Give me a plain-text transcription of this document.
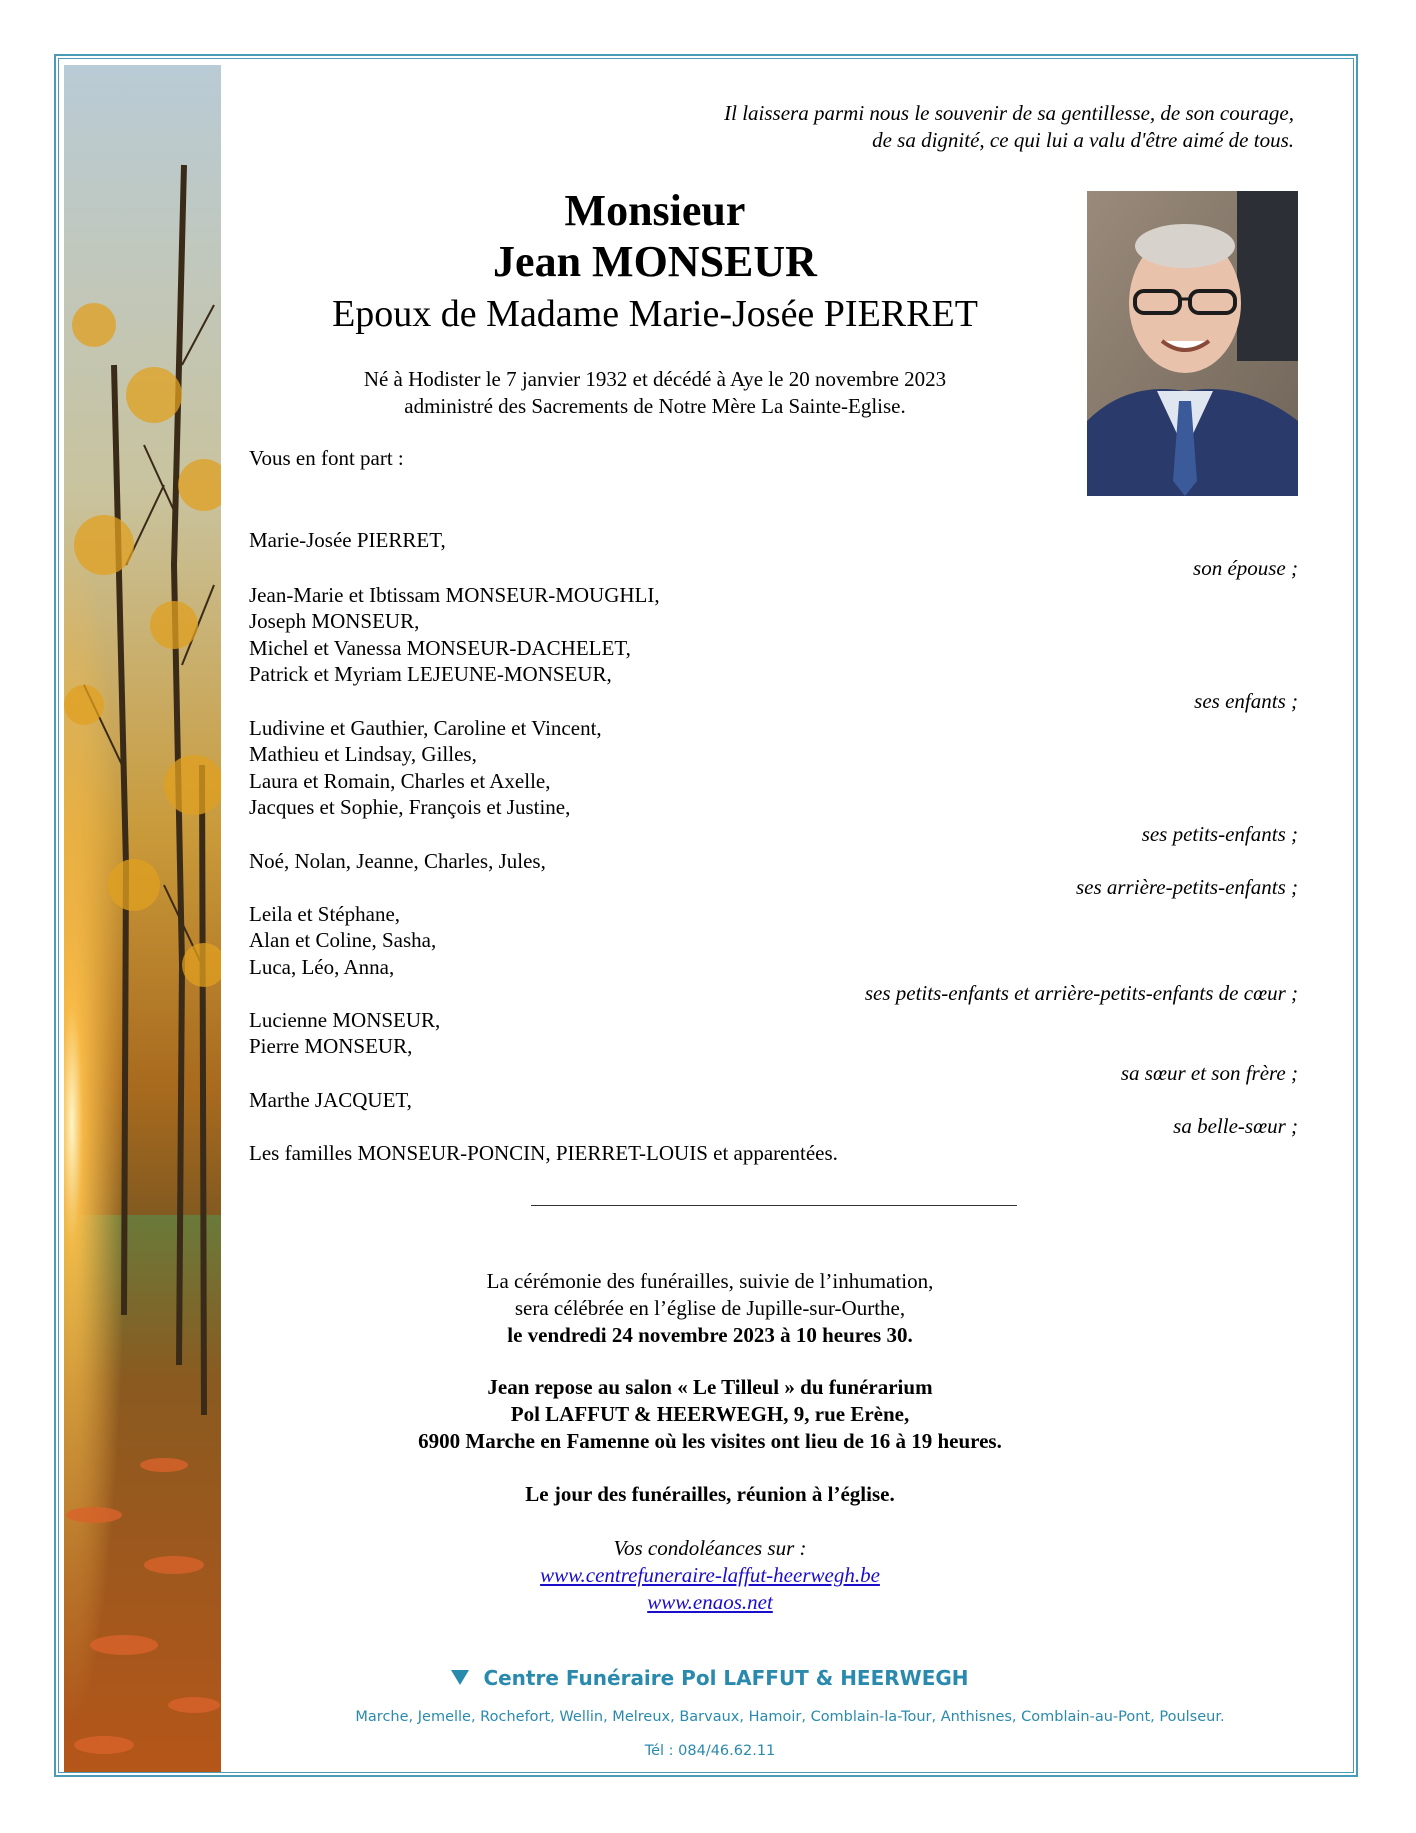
Il laissera parmi nous le souvenir de sa gentillesse, de son courage,
de sa dignité, ce qui lui a valu d'être aimé de tous.
Monsieur
Jean MONSEUR
Epoux de Madame Marie-Josée PIERRET
Né à Hodister le 7 janvier 1932 et décédé à Aye le 20 novembre 2023
administré des Sacrements de Notre Mère La Sainte-Eglise.
Vous en font part :
Marie-Josée PIERRET,
son épouse ;
Jean-Marie et Ibtissam MONSEUR-MOUGHLI,
Joseph MONSEUR,
Michel et Vanessa MONSEUR-DACHELET,
Patrick et Myriam LEJEUNE-MONSEUR,
ses enfants ;
Ludivine et Gauthier, Caroline et Vincent,
Mathieu et Lindsay, Gilles,
Laura et Romain, Charles et Axelle,
Jacques et Sophie, François et Justine,
ses petits-enfants ;
Noé, Nolan, Jeanne, Charles, Jules,
ses arrière-petits-enfants ;
Leila et Stéphane,
Alan et Coline, Sasha,
Luca, Léo, Anna,
ses petits-enfants et arrière-petits-enfants de cœur ;
Lucienne MONSEUR,
Pierre MONSEUR,
sa sœur et son frère ;
Marthe JACQUET,
sa belle-sœur ;
Les familles MONSEUR-PONCIN, PIERRET-LOUIS et apparentées.
La cérémonie des funérailles, suivie de l’inhumation,
sera célébrée en l’église de Jupille-sur-Ourthe,
le vendredi 24 novembre 2023 à 10 heures 30.
Jean repose au salon « Le Tilleul » du funérarium
Pol LAFFUT & HEERWEGH, 9, rue Erène,
6900 Marche en Famenne où les visites ont lieu de 16 à 19 heures.
Le jour des funérailles, réunion à l’église.
Vos condoléances sur :
www.centrefuneraire-laffut-heerwegh.be
www.enaos.net
Centre Funéraire Pol LAFFUT & HEERWEGH
Marche, Jemelle, Rochefort, Wellin, Melreux, Barvaux, Hamoir, Comblain-la-Tour, Anthisnes, Comblain-au-Pont, Poulseur.
Tél : 084/46.62.11
